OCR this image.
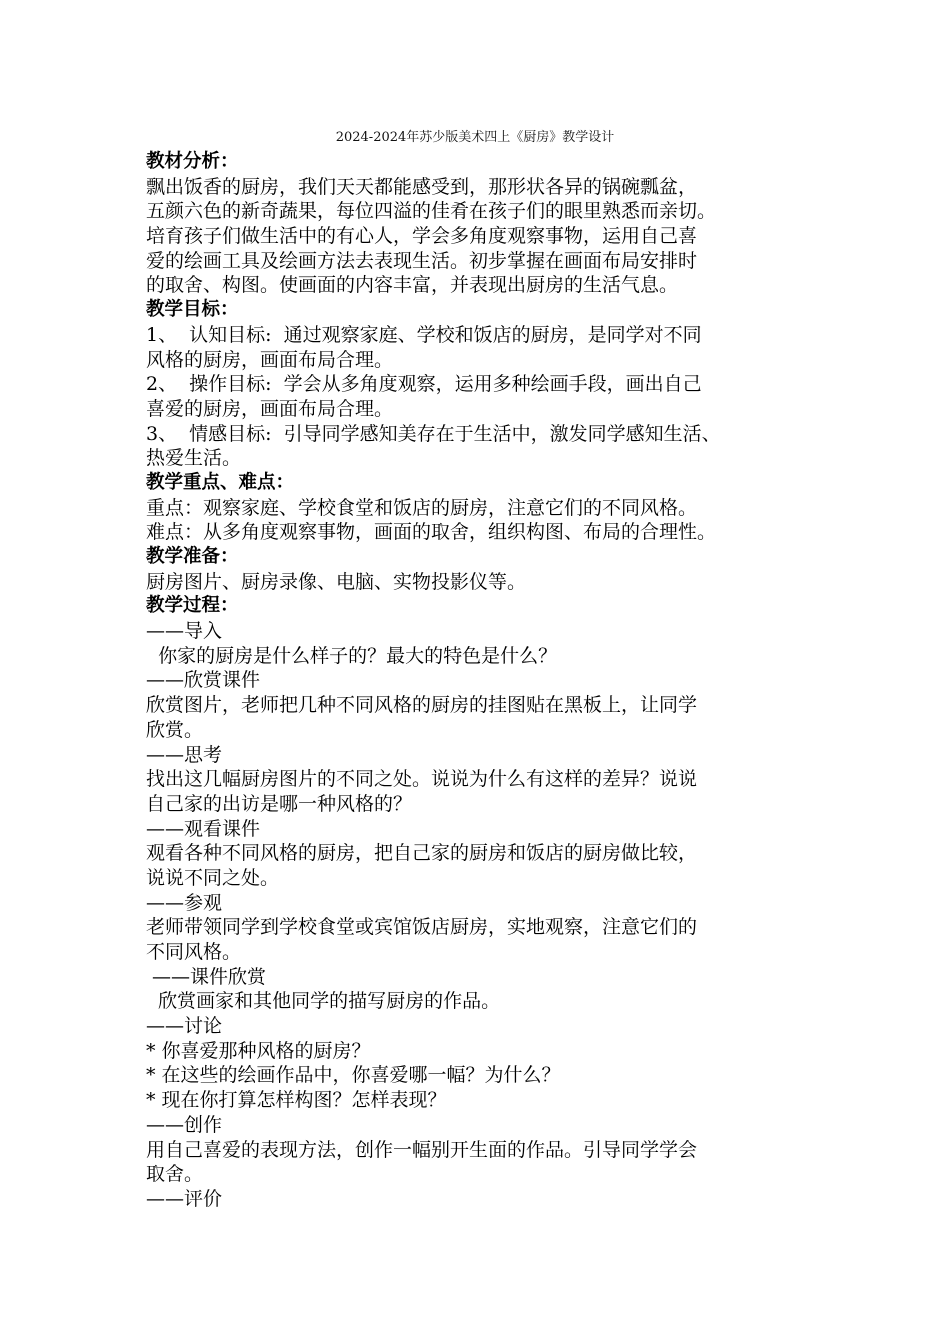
2024-2024年苏少版美术四上《厨房》教学设计
教材分析：
飘出饭香的厨房，我们天天都能感受到，那形状各异的锅碗瓢盆，
五颜六色的新奇蔬果，每位四溢的佳肴在孩子们的眼里熟悉而亲切。
培育孩子们做生活中的有心人，学会多角度观察事物，运用自己喜
爱的绘画工具及绘画方法去表现生活。初步掌握在画面布局安排时
的取舍、构图。使画面的内容丰富，并表现出厨房的生活气息。
教学目标：
1、  认知目标:  通过观察家庭、学校和饭店的厨房，是同学对不同
风格的厨房，画面布局合理。
2、  操作目标:  学会从多角度观察，运用多种绘画手段，画出自己
喜爱的厨房，画面布局合理。
3、  情感目标:  引导同学感知美存在于生活中，激发同学感知生活、
热爱生活。
教学重点、难点：
重点：观察家庭、学校食堂和饭店的厨房，注意它们的不同风格。
难点：从多角度观察事物，画面的取舍，组织构图、布局的合理性。
教学准备：
厨房图片、厨房录像、电脑、实物投影仪等。
教学过程：
——导入
你家的厨房是什么样子的？最大的特色是什么？
——欣赏课件
欣赏图片，老师把几种不同风格的厨房的挂图贴在黑板上，让同学
欣赏。
——思考
找出这几幅厨房图片的不同之处。说说为什么有这样的差异？说说
自己家的出访是哪一种风格的？
——观看课件
观看各种不同风格的厨房，把自己家的厨房和饭店的厨房做比较，
说说不同之处。
——参观
老师带领同学到学校食堂或宾馆饭店厨房，实地观察，注意它们的
不同风格。
——课件欣赏
欣赏画家和其他同学的描写厨房的作品。
——讨论
* 你喜爱那种风格的厨房？
* 在这些的绘画作品中，你喜爱哪一幅？为什么？
* 现在你打算怎样构图？怎样表现？
——创作
用自己喜爱的表现方法，创作一幅别开生面的作品。引导同学学会
取舍。
——评价
